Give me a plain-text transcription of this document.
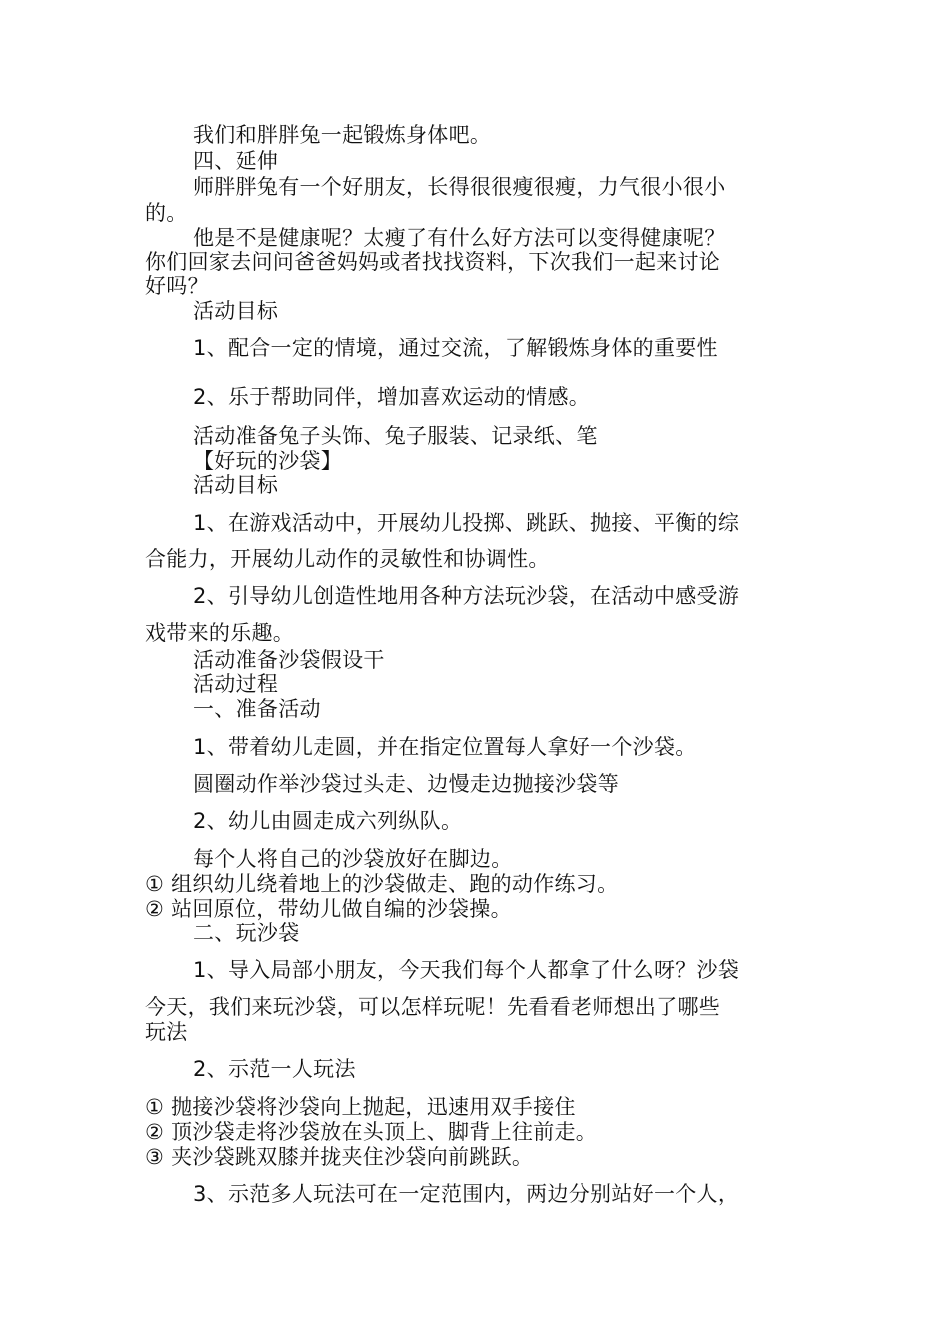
我们和胖胖兔一起锻炼身体吧。
四、延伸
师胖胖兔有一个好朋友，长得很很瘦很瘦，力气很小很小
的。
他是不是健康呢？太瘦了有什么好方法可以变得健康呢？
你们回家去问问爸爸妈妈或者找找资料，下次我们一起来讨论
好吗？
活动目标
1、配合一定的情境，通过交流，了解锻炼身体的重要性
2、乐于帮助同伴，增加喜欢运动的情感。
活动准备兔子头饰、兔子服装、记录纸、笔
【好玩的沙袋】
活动目标
1、在游戏活动中，开展幼儿投掷、跳跃、抛接、平衡的综
合能力，开展幼儿动作的灵敏性和协调性。
2、引导幼儿创造性地用各种方法玩沙袋，在活动中感受游
戏带来的乐趣。
活动准备沙袋假设干
活动过程
一、准备活动
1、带着幼儿走圆，并在指定位置每人拿好一个沙袋。
圆圈动作举沙袋过头走、边慢走边抛接沙袋等
2、幼儿由圆走成六列纵队。
每个人将自己的沙袋放好在脚边。
① 组织幼儿绕着地上的沙袋做走、跑的动作练习。
② 站回原位，带幼儿做自编的沙袋操。
二、玩沙袋
1、导入局部小朋友，今天我们每个人都拿了什么呀？沙袋
今天，我们来玩沙袋，可以怎样玩呢！先看看老师想出了哪些
玩法
2、示范一人玩法
① 抛接沙袋将沙袋向上抛起，迅速用双手接住
② 顶沙袋走将沙袋放在头顶上、脚背上往前走。
③ 夹沙袋跳双膝并拢夹住沙袋向前跳跃。
3、示范多人玩法可在一定范围内，两边分别站好一个人，
